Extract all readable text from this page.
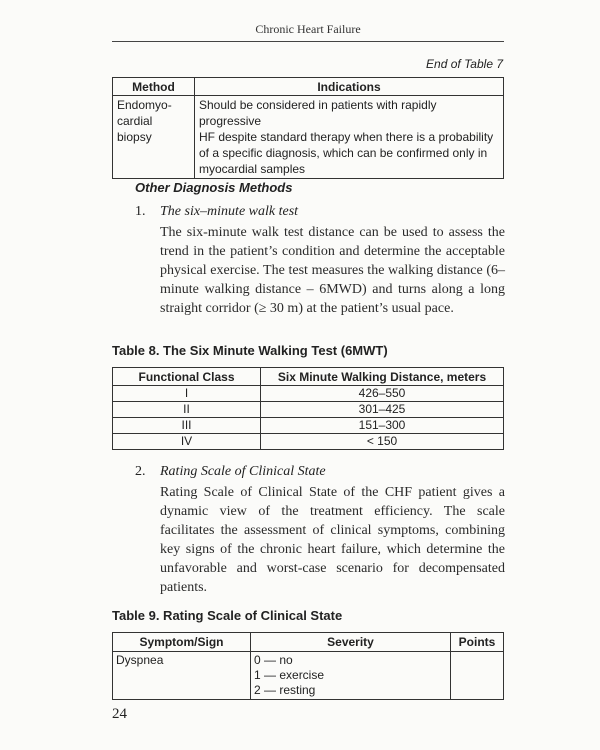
Chronic Heart Failure
End of Table 7
Method	Indications

Endomyo-
cardial
biopsy	Should be considered in patients with rapidly progressive
HF despite standard therapy when there is a probability
of a specific diagnosis, which can be confirmed only in
myocardial samples
Other Diagnosis Methods
1. The six–minute walk test
The six-minute walk test distance can be used to assess the trend in the patient’s condition and determine the acceptable physical exercise. The test measures the walking distance (6–minute walking distance – 6MWD) and turns along a long straight corridor (≥ 30 m) at the patient’s usual pace.
Table 8. The Six Minute Walking Test (6MWT)
Functional Class	Six Minute Walking Distance, meters
I	426–550
II	301–425
III	151–300
IV	< 150
2. Rating Scale of Clinical State
Rating Scale of Clinical State of the CHF patient gives a dynamic view of the treatment efficiency. The scale facilitates the assessment of clinical symptoms, combining key signs of the chronic heart failure, which determine the unfavorable and worst-case scenario for decompensated patients.
Table 9. Rating Scale of Clinical State
Symptom/Sign	Severity	Points
Dyspnea	0 — no
1 — exercise
2 — resting	

24
